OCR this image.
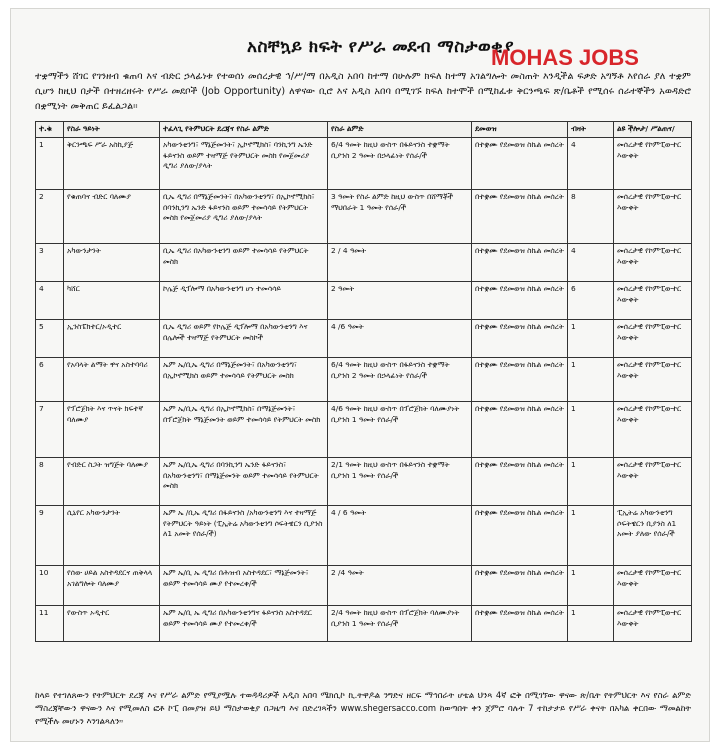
አስቸኳይ ክፍት የሥራ መደብ ማስታወቂያ
MOHAS JOBS
ተቋማችን ሸገር የገንዘብ ቁጠባ እና ብድር ኃላፊነቱ የተወሰነ መሰረታዊ ኅ/ሥ/ማ በአዲስ አበባ ከተማ በሁሉም ክፍለ ከተማ አገልግሎት መስጠት እንዲችል ፍቃድ አግኝቶ እየሰራ ያለ ተቋም ሲሆን ከዚህ በታች በተዘረዘሩት የሥራ መደቦች (Job Opportunity) ለዋናው ቢሮ እና አዲስ አበባ በሚገኙ ክፍለ ከተሞች በሚከፈቱ ቅርንጫፍ ጽ/ቤቶች የሚሰሩ ሰራተኞችን አወዳድሮ በቋሚነት መቅጠር ይፈልጋል።
ተ.ቁ	የስራ ዓይነት	ተፈላጊ የትምህርት ደረጃና የስራ ልምድ	የስራ ልምድ	ደመወዝ	ብዛት	ልዩ ችሎታ/ ሥልጠና/
1	ቅርንጫፍ ሥራ አስኪያጅ	አካውንቲንግ፣ ማኔጅመንት፣ ኢኮኖሚክስ፣ ባንኪንግ ኤንድ ፋይናንስ ወይም ተዛማጅ የትምህርት መስክ የመጀመሪያ ዲግሪ ያለው/ያላት	6/4 ዓመት ከዚህ ውስጥ በፋይናንስ ተቋማት ቢያንስ 2 ዓመት በኃላፊነት የሰራ/ች	በተቋሙ የደመወዝ ስኬል መሰረት	4	መሰረታዊ የኮምፒውተር እውቀት
2	የቁጠባና ብድር ባለሙያ	ቢኤ ዲግሪ በማኔጅመንት፣ በአካውንቲንግ፣ በኢኮኖሚክስ፣ በባንኪንግ ኤንድ ፋይናንስ ወይም ተመሳሳይ የትምህርት መስክ የመጀመሪያ ዲግሪ ያለው/ያላት	3 ዓመት የስራ ልምድ ከዚህ ውስጥ በሸማቾች ማህበራት 1 ዓመት የሰራ/ች	በተቋሙ የደመወዝ ስኬል መሰረት	8	መሰረታዊ የኮምፒውተር እውቀት
3	አካውንታንት	ቢኤ ዲግሪ በአካውንቲንግ ወይም ተመሳሳይ የትምህርት መስክ	2 / 4 ዓመት	በተቋሙ የደመወዝ ስኬል መሰረት	4	መሰረታዊ የኮምፒውተር እውቀት
4	ካሸር	ኮሌጅ ዲፕሎማ በአካውንቲንግ ሆነ ተመሳሳይ	2 ዓመት	በተቋሙ የደመወዝ ስኬል መሰረት	6	መሰረታዊ የኮምፒውተር እውቀት
5	ኢንስፔክተር/ኦዲተር	ቢኤ ዲግሪ ወይም የኮሌጅ ዲፕሎማ በአካውንቲንግ እና በሌሎች ተዛማጅ የትምህርት መስኮች	4 /6 ዓመት	በተቋሙ የደመወዝ ስኬል መሰረት	1	መሰረታዊ የኮምፒውተር እውቀት
6	የአባላት ልማት ዋና አስተባባሪ	ኤም ኤ/ቢኤ ዲግሪ በማኔጅመንት፣ በአካውንቲንግ፣ በኢኮኖሚክስ ወይም ተመሳሳይ የትምህርት መስክ	6/4 ዓመት ከዚህ ውስጥ በፋይናንስ ተቋማት ቢያንስ 2 ዓመት በኃላፊነት የሰራ/ች	በተቋሙ የደመወዝ ስኬል መሰረት	1	መሰረታዊ የኮምፒውተር እውቀት
7	የፕሮጀክት እና ጥናት ክፍተኛ ባለሙያ	ኤም ኤ/ቢኤ ዲግሪ በኢኮኖሚክስ፣ በማኔጅመንት፣ በፕሮጀክት ማኔጅመንት ወይም ተመሳሳይ የትምህርት መስክ	4/6 ዓመት ከዚህ ውስጥ በፕሮጀክት ባለሙያነት ቢያንስ 1 ዓመት የሰራ/ች	በተቋሙ የደመወዝ ስኬል መሰረት	1	መሰረታዊ የኮምፒውተር እውቀት
8	የብድር ስጋት ዝግጅት ባለሙያ	ኤም ኤ/ቢኤ ዲግሪ በባንኪንግ ኤንድ ፋይናንስ፣ በአካውንቲንግ፣ በማኔጅመንት ወይም ተመሳሳይ የትምህርት መስክ	2/1 ዓመት ከዚህ ውስጥ በፋይናንስ ተቋማት ቢያንስ 1 ዓመት የሰራ/ች	በተቋሙ የደመወዝ ስኬል መሰረት	1	መሰረታዊ የኮምፒውተር እውቀት
9	ሲኒየር አካውንታንት	ኤም ኤ /ቢኤ ዲግሪ በፋይናንስ /አካውንቲንግ እና ተዛማጅ የትምህርት ዓይነት (ፒኢትሬ አካውንቲንግ ሶፍትዌርን ቢያንስ ለ1 አመት የሰራ/ች)	4 / 6 ዓመት	በተቋሙ የደመወዝ ስኬል መሰረት	1	ፒኢትሬ አካውንቲንግ ሶፍትዌርን ቢያንስ ለ1 አመት ያለው የሰራ/ች
10	የሰው ሀይል አስተዳደርና ጠቅላላ አገልግሎት ባለሙያ	ኤም ኤ/ቢ ኤ ዲግሪ በሕዝብ አስተዳደር፣ ማኔጅመንት፣ ወይም ተመሳሳይ ሙያ የተመረቀ/ች	2 /4 ዓመት	በተቋሙ የደመወዝ ስኬል መሰረት	1	መሰረታዊ የኮምፒውተር እውቀት
11	የውስጥ ኦዲተር	ኤም ኤ/ቢ ኤ ዲግሪ በአካውንቲንግና ፋይናንስ አስተዳደር ወይም ተመሳሳይ ሙያ የተመረቀ/ች	2/4 ዓመት ከዚህ ውስጥ በፕሮጀክት ባለሙያነት ቢያንስ 1 ዓመት የሰራ/ች	በተቋሙ የደመወዝ ስኬል መሰረት	1	መሰረታዊ የኮምፒውተር እውቀት
ከላይ የተገለጸውን የትምህርት ደረጃ እና የሥራ ልምድ የሚያሟሉ ተወዳዳሪዎች አዲስ አበባ ሜክሲኮ ኪ.ትዋዶል ንግድና ዘርፍ ማኅበራት ሆቴል ህንጻ 4ኛ ፎቅ በሚገኘው ዋናው ጽ/ቤት የትምህርት እና የስራ ልምድ ማስረጃቸውን ዋናውን እና የሚመለስ ፎቶ ኮፒ በመያዝ ይህ ማስታወቂያ በጋዜጣ እና በድረገጻችን www.shegersacco.com ከወጣበት ቀን ጀምሮ ባሉት 7 ተከታታይ የሥራ ቀናት በአካል ቀርበው ማመልከት የሚችሉ መሆኑን እንገልጻለን።
